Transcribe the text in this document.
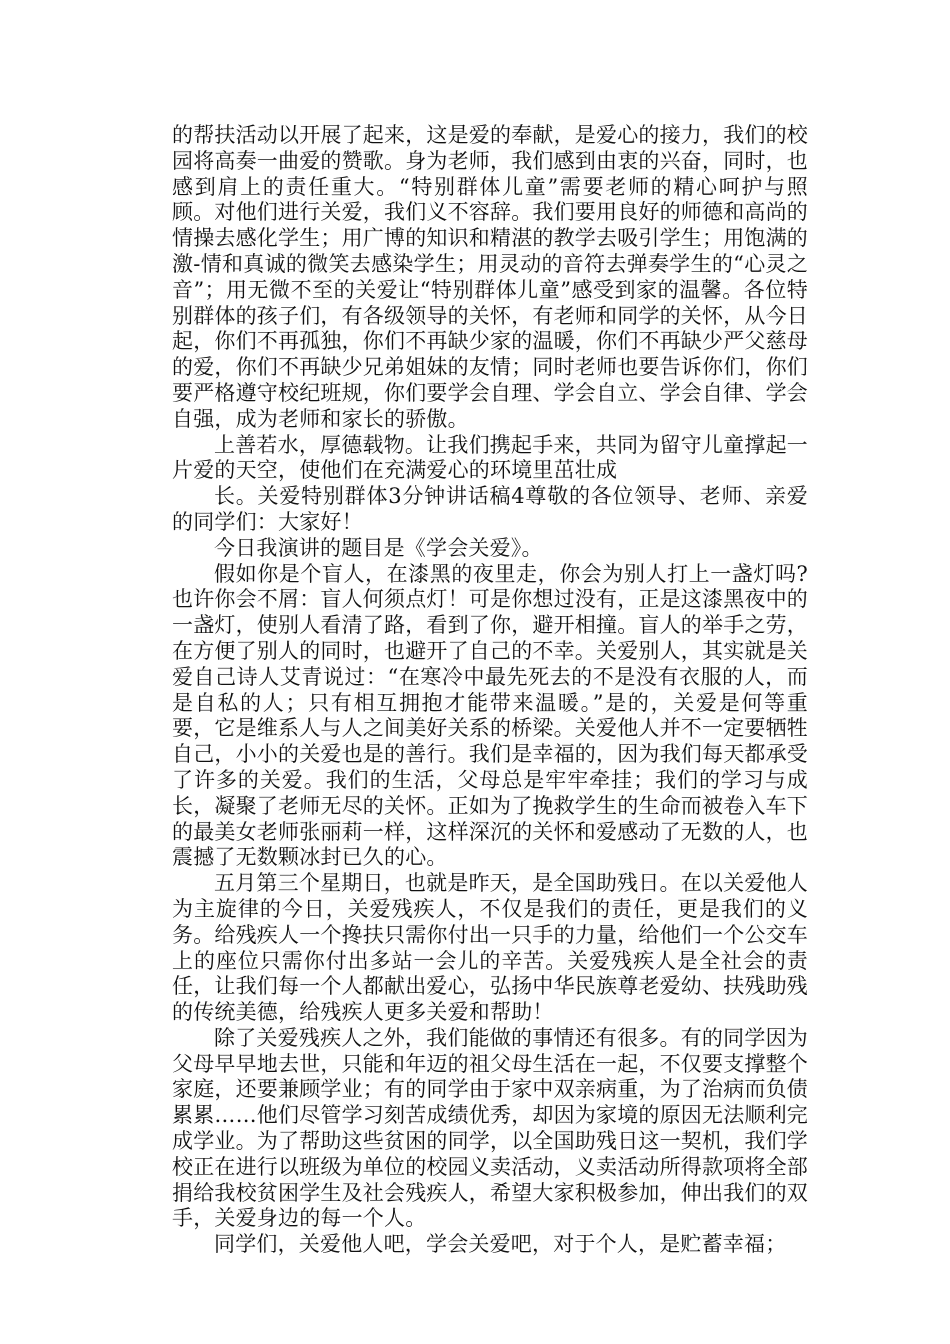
的帮扶活动以开展了起来，这是爱的奉献，是爱心的接力，我们的校园将高奏一曲爱的赞歌。身为老师，我们感到由衷的兴奋，同时，也感到肩上的责任重大。“特别群体儿童”需要老师的精心呵护与照顾。对他们进行关爱，我们义不容辞。我们要用良好的师德和高尚的情操去感化学生；用广博的知识和精湛的教学去吸引学生；用饱满的激-情和真诚的微笑去感染学生；用灵动的音符去弹奏学生的“心灵之音”；用无微不至的关爱让“特别群体儿童”感受到家的温馨。各位特别群体的孩子们，有各级领导的关怀，有老师和同学的关怀，从今日起，你们不再孤独，你们不再缺少家的温暖，你们不再缺少严父慈母的爱，你们不再缺少兄弟姐妹的友情；同时老师也要告诉你们，你们要严格遵守校纪班规，你们要学会自理、学会自立、学会自律、学会自强，成为老师和家长的骄傲。

上善若水，厚德载物。让我们携起手来，共同为留守儿童撑起一片爱的天空，使他们在充满爱心的环境里茁壮成

长。关爱特别群体3分钟讲话稿4尊敬的各位领导、老师、亲爱的同学们：大家好！

今日我演讲的题目是《学会关爱》。

假如你是个盲人，在漆黑的夜里走，你会为别人打上一盏灯吗?也许你会不屑：盲人何须点灯！可是你想过没有，正是这漆黑夜中的一盏灯，使别人看清了路，看到了你，避开相撞。盲人的举手之劳，在方便了别人的同时，也避开了自己的不幸。关爱别人，其实就是关爱自己诗人艾青说过：“在寒冷中最先死去的不是没有衣服的人，而是自私的人；只有相互拥抱才能带来温暖。”是的，关爱是何等重要，它是维系人与人之间美好关系的桥梁。关爱他人并不一定要牺牲自己，小小的关爱也是的善行。我们是幸福的，因为我们每天都承受了许多的关爱。我们的生活，父母总是牢牢牵挂；我们的学习与成长，凝聚了老师无尽的关怀。正如为了挽救学生的生命而被卷入车下的最美女老师张丽莉一样，这样深沉的关怀和爱感动了无数的人，也震撼了无数颗冰封已久的心。

五月第三个星期日，也就是昨天，是全国助残日。在以关爱他人为主旋律的今日，关爱残疾人，不仅是我们的责任，更是我们的义务。给残疾人一个搀扶只需你付出一只手的力量，给他们一个公交车上的座位只需你付出多站一会儿的辛苦。关爱残疾人是全社会的责任，让我们每一个人都献出爱心，弘扬中华民族尊老爱幼、扶残助残的传统美德，给残疾人更多关爱和帮助！

除了关爱残疾人之外，我们能做的事情还有很多。有的同学因为父母早早地去世，只能和年迈的祖父母生活在一起，不仅要支撑整个家庭，还要兼顾学业；有的同学由于家中双亲病重，为了治病而负债累累……他们尽管学习刻苦成绩优秀，却因为家境的原因无法顺利完成学业。为了帮助这些贫困的同学，以全国助残日这一契机，我们学校正在进行以班级为单位的校园义卖活动，义卖活动所得款项将全部捐给我校贫困学生及社会残疾人，希望大家积极参加，伸出我们的双手，关爱身边的每一个人。

同学们，关爱他人吧，学会关爱吧，对于个人，是贮蓄幸福；
